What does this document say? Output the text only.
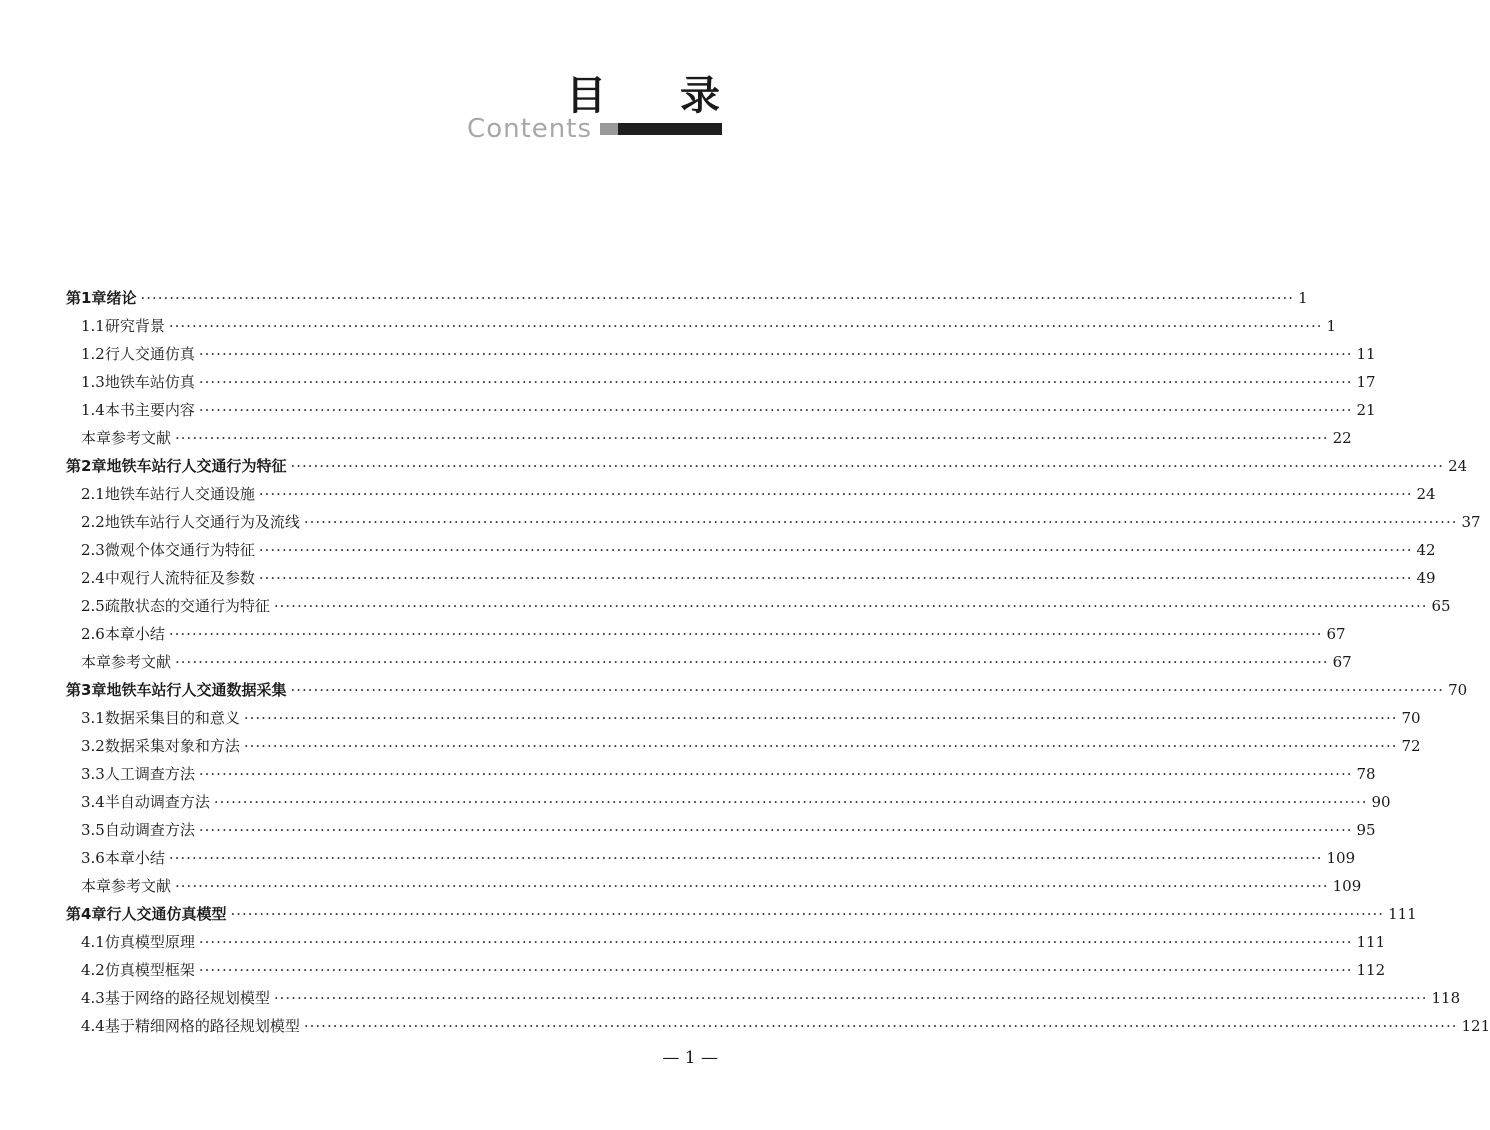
目 录
Contents
第1章 绪论 ········································································································································································································ 1
1.1 研究背景 ········································································································································································································ 1
1.2 行人交通仿真 ········································································································································································································ 11
1.3 地铁车站仿真 ········································································································································································································ 17
1.4 本书主要内容 ········································································································································································································ 21
本章参考文献 ········································································································································································································ 22
第2章 地铁车站行人交通行为特征 ········································································································································································································ 24
2.1 地铁车站行人交通设施 ········································································································································································································ 24
2.2 地铁车站行人交通行为及流线 ········································································································································································································ 37
2.3 微观个体交通行为特征 ········································································································································································································ 42
2.4 中观行人流特征及参数 ········································································································································································································ 49
2.5 疏散状态的交通行为特征 ········································································································································································································ 65
2.6 本章小结 ········································································································································································································ 67
本章参考文献 ········································································································································································································ 67
第3章 地铁车站行人交通数据采集 ········································································································································································································ 70
3.1 数据采集目的和意义 ········································································································································································································ 70
3.2 数据采集对象和方法 ········································································································································································································ 72
3.3 人工调查方法 ········································································································································································································ 78
3.4 半自动调查方法 ········································································································································································································ 90
3.5 自动调查方法 ········································································································································································································ 95
3.6 本章小结 ········································································································································································································ 109
本章参考文献 ········································································································································································································ 109
第4章 行人交通仿真模型 ········································································································································································································ 111
4.1 仿真模型原理 ········································································································································································································ 111
4.2 仿真模型框架 ········································································································································································································ 112
4.3 基于网络的路径规划模型 ········································································································································································································ 118
4.4 基于精细网格的路径规划模型 ········································································································································································································ 121
— 1 —
